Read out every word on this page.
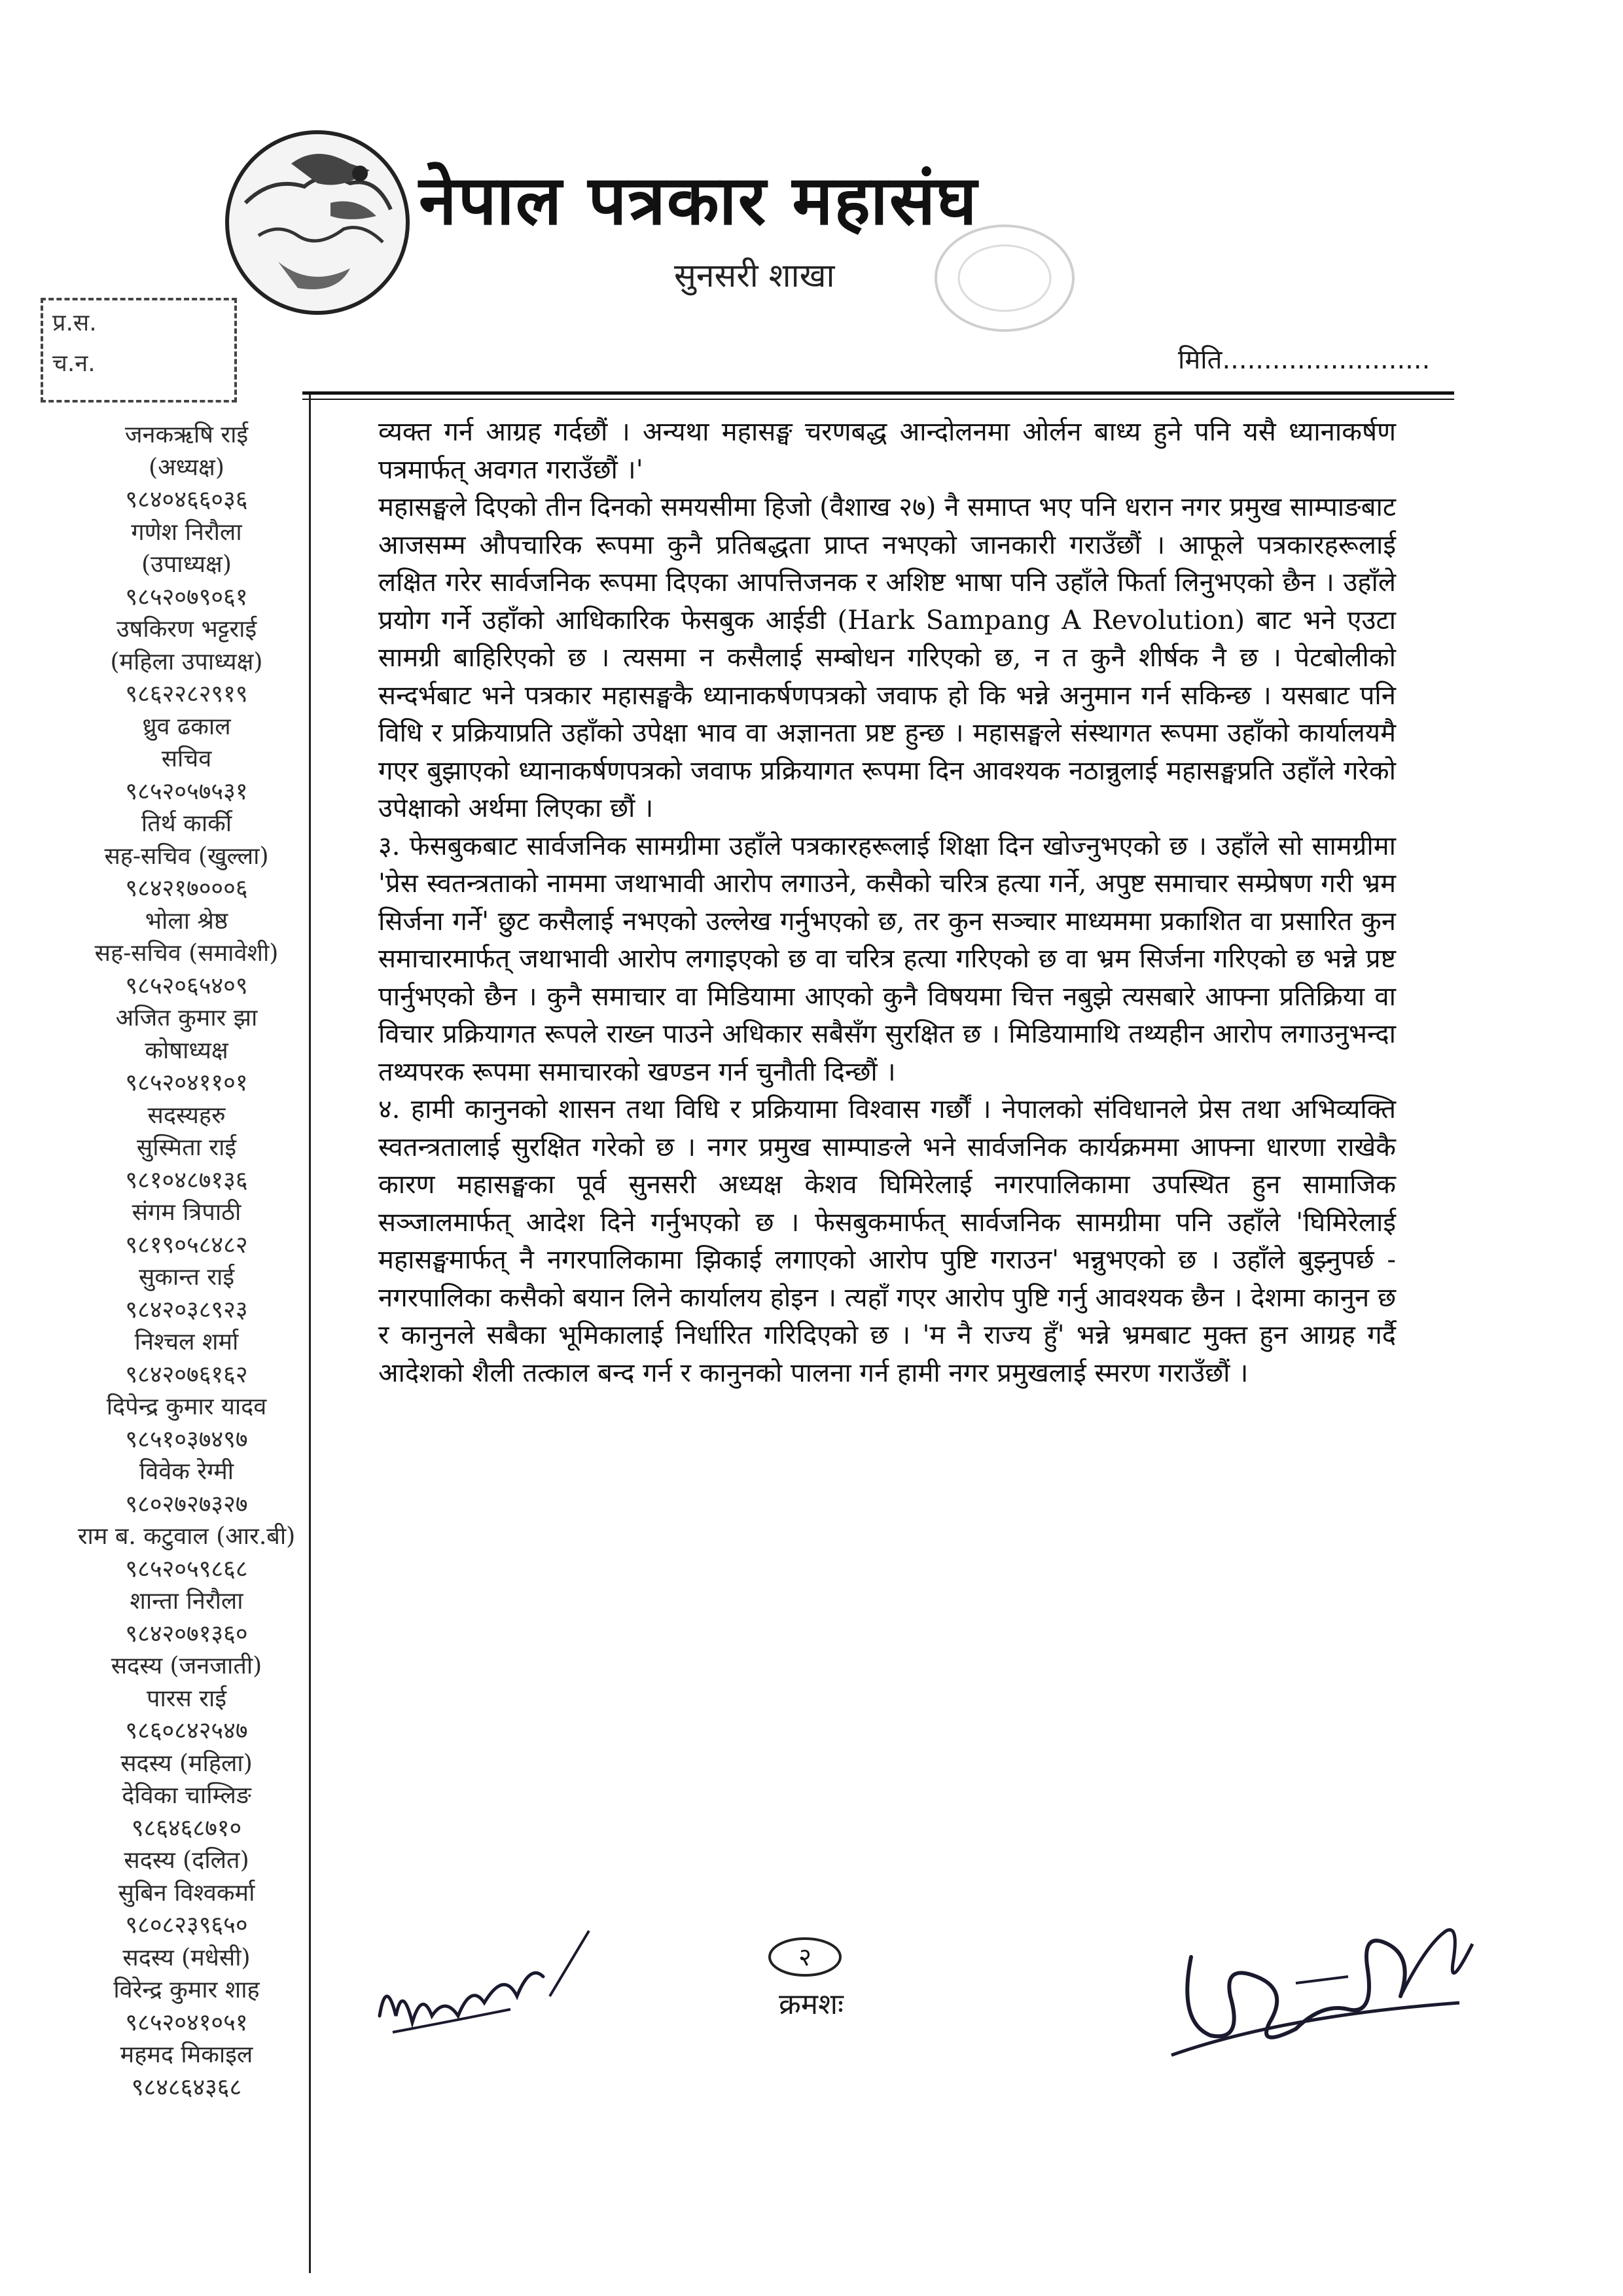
नेपाल पत्रकार महासंघ
सुनसरी शाखा
प्र.स.
च.न.	मिति.........................
जनकऋषि राई
(अध्यक्ष)
९८४०४६६०३६
गणेश निरौला
(उपाध्यक्ष)
९८५२०७९०६१
उषकिरण भट्टराई
(महिला उपाध्यक्ष)
९८६२२८२९१९
ध्रुव ढकाल
सचिव
९८५२०५७५३१
तिर्थ कार्की
सह-सचिव (खुल्ला)
९८४२१७०००६
भोला श्रेष्ठ
सह-सचिव (समावेशी)
९८५२०६५४०९
अजित कुमार झा
कोषाध्यक्ष
९८५२०४११०१
सदस्यहरु
सुस्मिता राई
९८१०४८७१३६
संगम त्रिपाठी
९८१९०५८४८२
सुकान्त राई
९८४२०३८९२३
निश्चल शर्मा
९८४२०७६१६२
दिपेन्द्र कुमार यादव
९८५१०३७४९७
विवेक रेग्मी
९८०२७२७३२७
राम ब. कटुवाल (आर.बी)
९८५२०५९८६८
शान्ता निरौला
९८४२०७१३६०
सदस्य (जनजाती)
पारस राई
९८६०८४२५४७
सदस्य (महिला)
देविका चाम्लिङ
९८६४६८७१०
सदस्य (दलित)
सुबिन विश्वकर्मा
९८०८२३९६५०
सदस्य (मधेसी)
विरेन्द्र कुमार शाह
९८५२०४१०५१
महमद मिकाइल
९८४८६४३६८

व्यक्त गर्न आग्रह गर्दछौं । अन्यथा महासङ्घ चरणबद्ध आन्दोलनमा ओर्लन बाध्य हुने पनि यसै ध्यानाकर्षण पत्रमार्फत् अवगत गराउँछौं ।'

महासङ्घले दिएको तीन दिनको समयसीमा हिजो (वैशाख २७) नै समाप्त भए पनि धरान नगर प्रमुख साम्पाङबाट आजसम्म औपचारिक रूपमा कुनै प्रतिबद्धता प्राप्त नभएको जानकारी गराउँछौं । आफूले पत्रकारहरूलाई लक्षित गरेर सार्वजनिक रूपमा दिएका आपत्तिजनक र अशिष्ट भाषा पनि उहाँले फिर्ता लिनुभएको छैन । उहाँले प्रयोग गर्ने उहाँको आधिकारिक फेसबुक आईडी (Hark Sampang A Revolution) बाट भने एउटा सामग्री बाहिरिएको छ । त्यसमा न कसैलाई सम्बोधन गरिएको छ, न त कुनै शीर्षक नै छ । पेटबोलीको सन्दर्भबाट भने पत्रकार महासङ्घकै ध्यानाकर्षणपत्रको जवाफ हो कि भन्ने अनुमान गर्न सकिन्छ । यसबाट पनि विधि र प्रक्रियाप्रति उहाँको उपेक्षा भाव वा अज्ञानता प्रष्ट हुन्छ । महासङ्घले संस्थागत रूपमा उहाँको कार्यालयमै गएर बुझाएको ध्यानाकर्षणपत्रको जवाफ प्रक्रियागत रूपमा दिन आवश्यक नठान्नुलाई महासङ्घप्रति उहाँले गरेको उपेक्षाको अर्थमा लिएका छौं ।

३. फेसबुकबाट सार्वजनिक सामग्रीमा उहाँले पत्रकारहरूलाई शिक्षा दिन खोज्नुभएको छ । उहाँले सो सामग्रीमा 'प्रेस स्वतन्त्रताको नाममा जथाभावी आरोप लगाउने, कसैको चरित्र हत्या गर्ने, अपुष्ट समाचार सम्प्रेषण गरी भ्रम सिर्जना गर्ने' छुट कसैलाई नभएको उल्लेख गर्नुभएको छ, तर कुन सञ्चार माध्यममा प्रकाशित वा प्रसारित कुन समाचारमार्फत् जथाभावी आरोप लगाइएको छ वा चरित्र हत्या गरिएको छ वा भ्रम सिर्जना गरिएको छ भन्ने प्रष्ट पार्नुभएको छैन । कुनै समाचार वा मिडियामा आएको कुनै विषयमा चित्त नबुझे त्यसबारे आफ्ना प्रतिक्रिया वा विचार प्रक्रियागत रूपले राख्न पाउने अधिकार सबैसँग सुरक्षित छ । मिडियामाथि तथ्यहीन आरोप लगाउनुभन्दा तथ्यपरक रूपमा समाचारको खण्डन गर्न चुनौती दिन्छौं ।

४. हामी कानुनको शासन तथा विधि र प्रक्रियामा विश्वास गर्छौं । नेपालको संविधानले प्रेस तथा अभिव्यक्ति स्वतन्त्रतालाई सुरक्षित गरेको छ । नगर प्रमुख साम्पाङले भने सार्वजनिक कार्यक्रममा आफ्ना धारणा राखेकै कारण महासङ्घका पूर्व सुनसरी अध्यक्ष केशव घिमिरेलाई नगरपालिकामा उपस्थित हुन सामाजिक सञ्जालमार्फत् आदेश दिने गर्नुभएको छ । फेसबुकमार्फत् सार्वजनिक सामग्रीमा पनि उहाँले 'घिमिरेलाई महासङ्घमार्फत् नै नगरपालिकामा झिकाई लगाएको आरोप पुष्टि गराउन' भन्नुभएको छ । उहाँले बुझ्नुपर्छ - नगरपालिका कसैको बयान लिने कार्यालय होइन । त्यहाँ गएर आरोप पुष्टि गर्नु आवश्यक छैन । देशमा कानुन छ र कानुनले सबैका भूमिकालाई निर्धारित गरिदिएको छ । 'म नै राज्य हुँ' भन्ने भ्रमबाट मुक्त हुन आग्रह गर्दै आदेशको शैली तत्काल बन्द गर्न र कानुनको पालना गर्न हामी नगर प्रमुखलाई स्मरण गराउँछौं ।

२
क्रमशः
